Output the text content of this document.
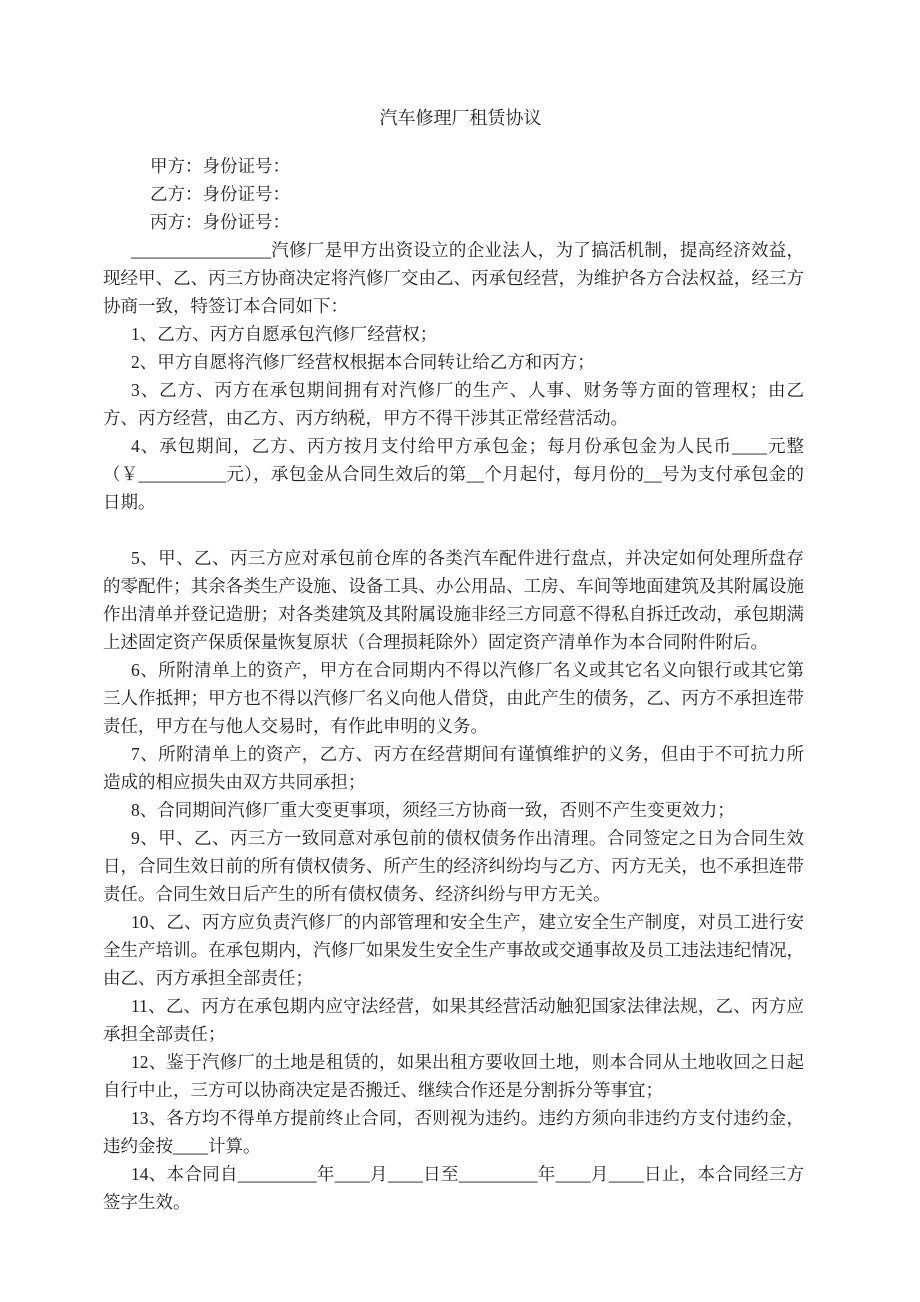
汽车修理厂租赁协议

甲方：身份证号：

乙方：身份证号：

丙方：身份证号：

________________汽修厂是甲方出资设立的企业法人，为了搞活机制，提高经济效益，现经甲、乙、丙三方协商决定将汽修厂交由乙、丙承包经营，为维护各方合法权益，经三方协商一致，特签订本合同如下：

1、乙方、丙方自愿承包汽修厂经营权；

2、甲方自愿将汽修厂经营权根据本合同转让给乙方和丙方；

3、乙方、丙方在承包期间拥有对汽修厂的生产、人事、财务等方面的管理权；由乙方、丙方经营，由乙方、丙方纳税，甲方不得干涉其正常经营活动。

4、承包期间，乙方、丙方按月支付给甲方承包金；每月份承包金为人民币____元整（￥__________元），承包金从合同生效后的第__个月起付，每月份的__号为支付承包金的日期。

5、甲、乙、丙三方应对承包前仓库的各类汽车配件进行盘点，并决定如何处理所盘存的零配件；其余各类生产设施、设备工具、办公用品、工房、车间等地面建筑及其附属设施作出清单并登记造册；对各类建筑及其附属设施非经三方同意不得私自拆迁改动，承包期满上述固定资产保质保量恢复原状（合理损耗除外）固定资产清单作为本合同附件附后。

6、所附清单上的资产，甲方在合同期内不得以汽修厂名义或其它名义向银行或其它第三人作抵押；甲方也不得以汽修厂名义向他人借贷，由此产生的债务，乙、丙方不承担连带责任，甲方在与他人交易时，有作此申明的义务。

7、所附清单上的资产，乙方、丙方在经营期间有谨慎维护的义务，但由于不可抗力所造成的相应损失由双方共同承担；

8、合同期间汽修厂重大变更事项，须经三方协商一致，否则不产生变更效力；

9、甲、乙、丙三方一致同意对承包前的债权债务作出清理。合同签定之日为合同生效日，合同生效日前的所有债权债务、所产生的经济纠纷均与乙方、丙方无关，也不承担连带责任。合同生效日后产生的所有债权债务、经济纠纷与甲方无关。

10、乙、丙方应负责汽修厂的内部管理和安全生产，建立安全生产制度，对员工进行安全生产培训。在承包期内，汽修厂如果发生安全生产事故或交通事故及员工违法违纪情况，由乙、丙方承担全部责任；

11、乙、丙方在承包期内应守法经营，如果其经营活动触犯国家法律法规，乙、丙方应承担全部责任；

12、鉴于汽修厂的土地是租赁的，如果出租方要收回土地，则本合同从土地收回之日起自行中止，三方可以协商决定是否搬迁、继续合作还是分割拆分等事宜；

13、各方均不得单方提前终止合同，否则视为违约。违约方须向非违约方支付违约金，违约金按____计算。

14、本合同自_________年____月____日至_________年____月____日止，本合同经三方签字生效。
